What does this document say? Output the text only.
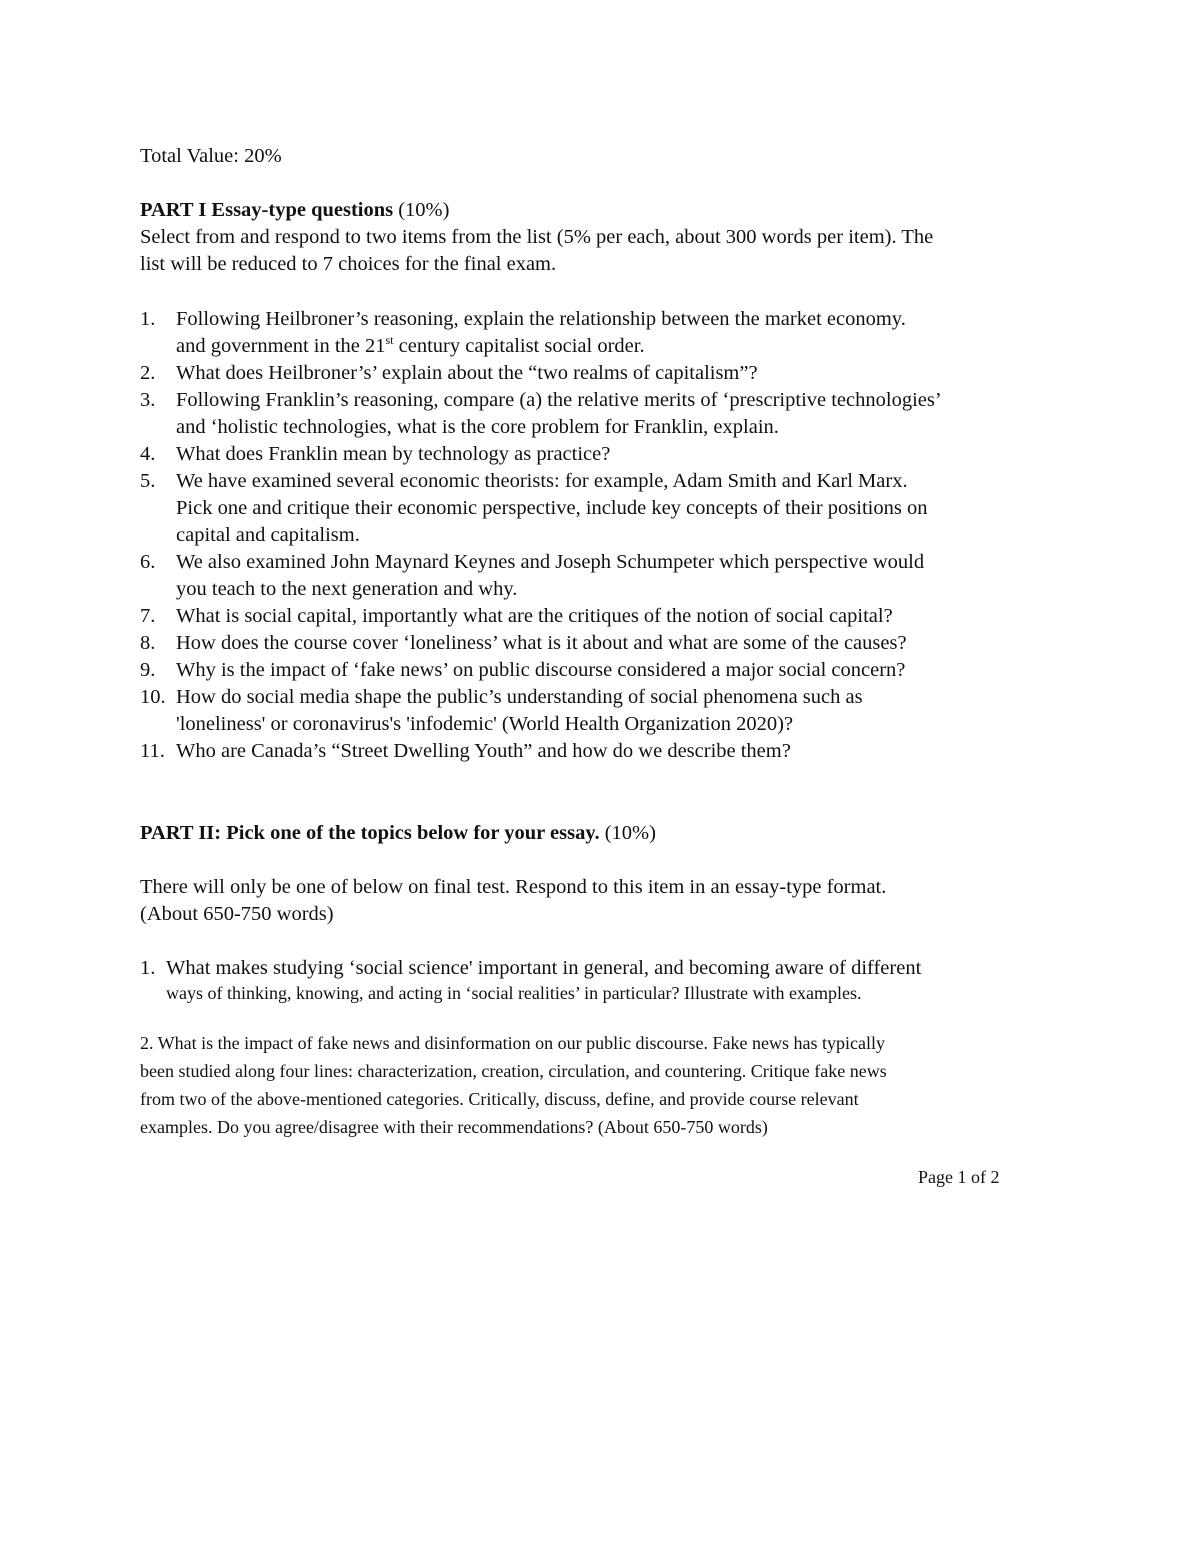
Total Value: 20%

PART I Essay-type questions (10%)

Select from and respond to two items from the list (5% per each, about 300 words per item). The

list will be reduced to 7 choices for the final exam.

1. Following Heilbroner’s reasoning, explain the relationship between the market economy.
and government in the 21st century capitalist social order.
2. What does Heilbroner’s’ explain about the “two realms of capitalism”?
3. Following Franklin’s reasoning, compare (a) the relative merits of ‘prescriptive technologies’
and ‘holistic technologies, what is the core problem for Franklin, explain.
4. What does Franklin mean by technology as practice?
5. We have examined several economic theorists: for example, Adam Smith and Karl Marx.
Pick one and critique their economic perspective, include key concepts of their positions on
capital and capitalism.
6. We also examined John Maynard Keynes and Joseph Schumpeter which perspective would
you teach to the next generation and why.
7. What is social capital, importantly what are the critiques of the notion of social capital?
8. How does the course cover ‘loneliness’ what is it about and what are some of the causes?
9. Why is the impact of ‘fake news’ on public discourse considered a major social concern?
10. How do social media shape the public’s understanding of social phenomena such as
'loneliness' or coronavirus's 'infodemic' (World Health Organization 2020)?
11. Who are Canada’s “Street Dwelling Youth” and how do we describe them?

PART II: Pick one of the topics below for your essay. (10%)

There will only be one of below on final test. Respond to this item in an essay-type format.

(About 650-750 words)

1. What makes studying ‘social science' important in general, and becoming aware of different
ways of thinking, knowing, and acting in ‘social realities’ in particular? Illustrate with examples.

2. What is the impact of fake news and disinformation on our public discourse. Fake news has typically

been studied along four lines: characterization, creation, circulation, and countering. Critique fake news

from two of the above-mentioned categories. Critically, discuss, define, and provide course relevant

examples. Do you agree/disagree with their recommendations? (About 650-750 words)

Page 1 of 2
